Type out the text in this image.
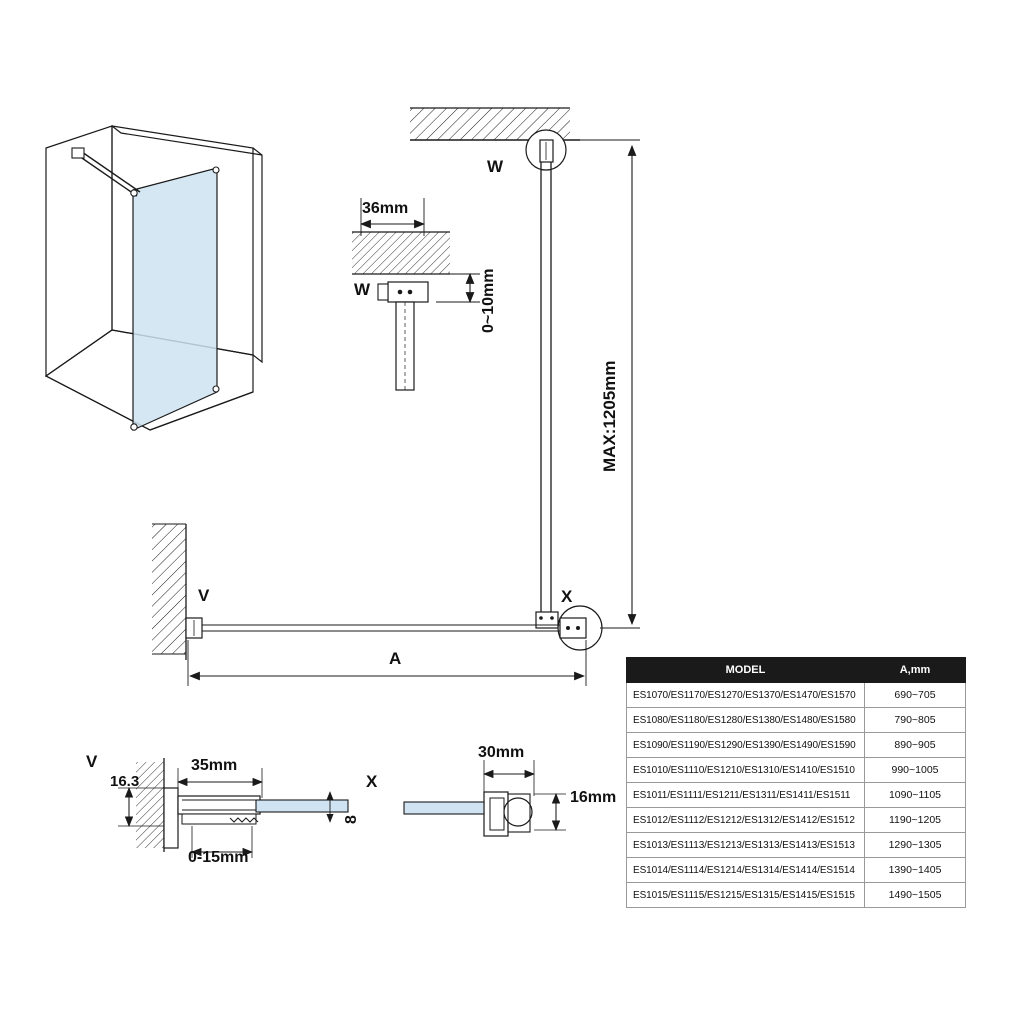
W
W
36mm
0~10mm
MAX:1205mm
V	X
A
V
16.3
35mm
0-15mm
8
X
30mm
16mm
MODEL	A,mm
ES1070/ES1170/ES1270/ES1370/ES1470/ES1570	690~705
ES1080/ES1180/ES1280/ES1380/ES1480/ES1580	790~805
ES1090/ES1190/ES1290/ES1390/ES1490/ES1590	890~905
ES1010/ES1110/ES1210/ES1310/ES1410/ES1510	990~1005
ES1011/ES1111/ES1211/ES1311/ES1411/ES1511	1090~1105
ES1012/ES1112/ES1212/ES1312/ES1412/ES1512	1190~1205
ES1013/ES1113/ES1213/ES1313/ES1413/ES1513	1290~1305
ES1014/ES1114/ES1214/ES1314/ES1414/ES1514	1390~1405
ES1015/ES1115/ES1215/ES1315/ES1415/ES1515	1490~1505
